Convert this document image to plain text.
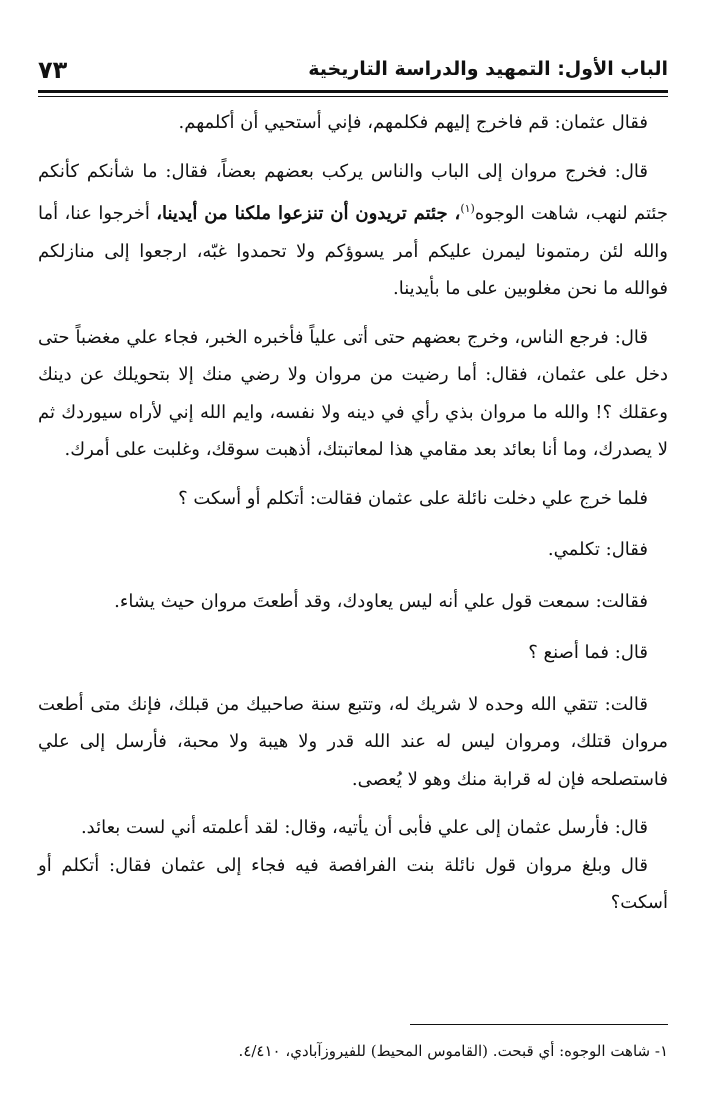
٧٣	الباب الأول: التمهيد والدراسة التاريخية

فقال عثمان: قم فاخرج إليهم فكلمهم، فإني أستحيي أن أكلمهم.

قال: فخرج مروان إلى الباب والناس يركب بعضهم بعضاً، فقال: ما شأنكم كأنكم جئتم لنهب، شاهت الوجوه$^{(١)}$، جئتم تريدون أن تنزعوا ملكنا من أيدينا، أخرجوا عنا، أما والله لئن رمتمونا ليمرن عليكم أمر يسوؤكم ولا تحمدوا غبّه، ارجعوا إلى منازلكم فوالله ما نحن مغلوبين على ما بأيدينا.

قال: فرجع الناس، وخرج بعضهم حتى أتى علياً فأخبره الخبر، فجاء علي مغضباً حتى دخل على عثمان، فقال: أما رضيت من مروان ولا رضي منك إلا بتحويلك عن دينك وعقلك ؟! والله ما مروان بذي رأي في دينه ولا نفسه، وايم الله إني لأراه سيوردك ثم لا يصدرك، وما أنا بعائد بعد مقامي هذا لمعاتبتك، أذهبت سوقك، وغلبت على أمرك.

فلما خرج علي دخلت نائلة على عثمان فقالت: أتكلم أو أسكت ؟

فقال: تكلمي.

فقالت: سمعت قول علي أنه ليس يعاودك، وقد أطعتَ مروان حيث يشاء.

قال: فما أصنع ؟

قالت: تتقي الله وحده لا شريك له، وتتبع سنة صاحبيك من قبلك، فإنك متى أطعت مروان قتلك، ومروان ليس له عند الله قدر ولا هيبة ولا محبة، فأرسل إلى علي فاستصلحه فإن له قرابة منك وهو لا يُعصى.

قال: فأرسل عثمان إلى علي فأبى أن يأتيه، وقال: لقد أعلمته أني لست بعائد.

قال وبلغ مروان قول نائلة بنت الفرافصة فيه فجاء إلى عثمان فقال: أتكلم أو أسكت؟

١- شاهت الوجوه: أي قبحت. (القاموس المحيط) للفيروزآبادي، ٤/٤١٠.
